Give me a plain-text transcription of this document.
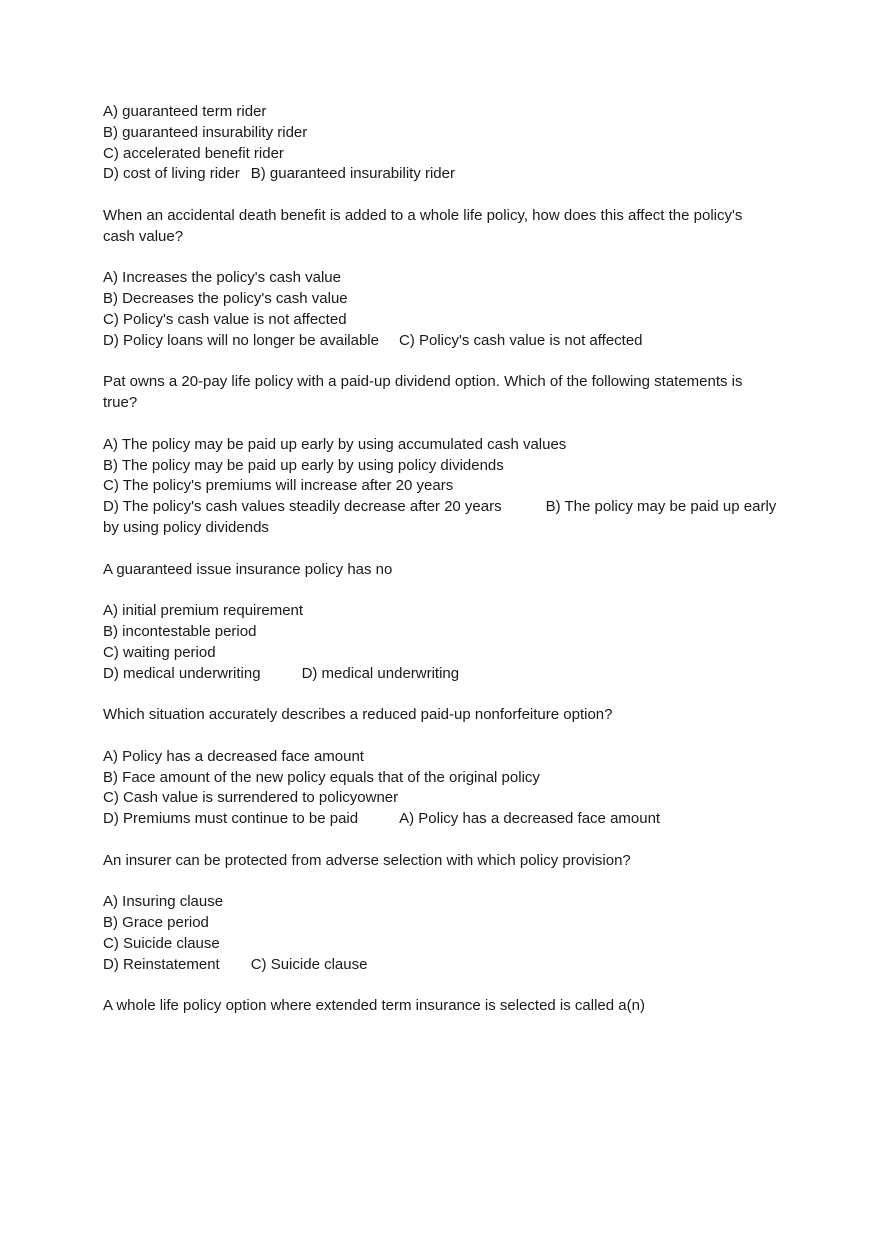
A) guaranteed term rider
B) guaranteed insurability rider
C) accelerated benefit rider
D) cost of living rider B) guaranteed insurability rider
When an accidental death benefit is added to a whole life policy, how does this affect the policy's cash value?
A) Increases the policy's cash value
B) Decreases the policy's cash value
C) Policy's cash value is not affected
D) Policy loans will no longer be available C) Policy's cash value is not affected
Pat owns a 20-pay life policy with a paid-up dividend option. Which of the following statements is true?
A) The policy may be paid up early by using accumulated cash values
B) The policy may be paid up early by using policy dividends
C) The policy's premiums will increase after 20 years
D) The policy's cash values steadily decrease after 20 years	B) The policy may be paid up early by using policy dividends
A guaranteed issue insurance policy has no
A) initial premium requirement
B) incontestable period
C) waiting period
D) medical underwriting	D) medical underwriting
Which situation accurately describes a reduced paid-up nonforfeiture option?
A) Policy has a decreased face amount
B) Face amount of the new policy equals that of the original policy
C) Cash value is surrendered to policyowner
D) Premiums must continue to be paid	A) Policy has a decreased face amount
An insurer can be protected from adverse selection with which policy provision?
A) Insuring clause
B) Grace period
C) Suicide clause
D) Reinstatement C) Suicide clause
A whole life policy option where extended term insurance is selected is called a(n)
